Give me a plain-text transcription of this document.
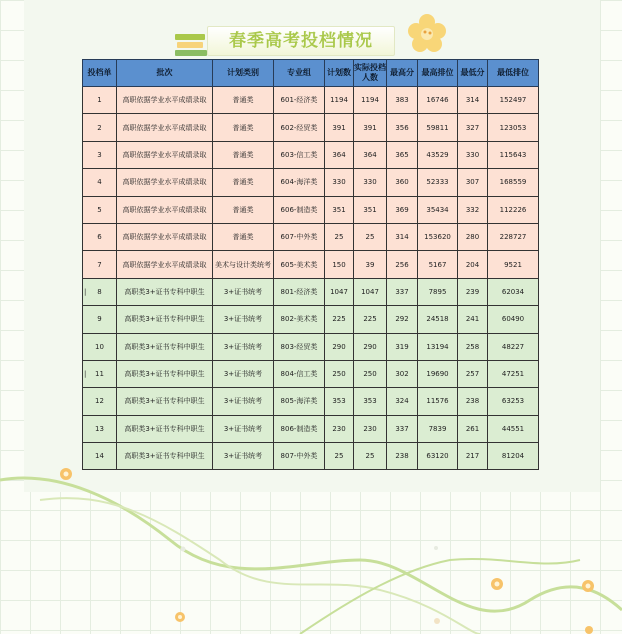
春季高考投档情况
投档单	批次	计划类别	专业组	计划数	实际投档人数	最高分	最高排位	最低分	最低排位
1	高职依据学业水平成绩录取	普通类	601-经济类	1194	1194	383	16746	314	152497
2	高职依据学业水平成绩录取	普通类	602-经贸类	391	391	356	59811	327	123053
3	高职依据学业水平成绩录取	普通类	603-信工类	364	364	365	43529	330	115643
4	高职依据学业水平成绩录取	普通类	604-海洋类	330	330	360	52333	307	168559
5	高职依据学业水平成绩录取	普通类	606-制造类	351	351	369	35434	332	112226
6	高职依据学业水平成绩录取	普通类	607-中外类	25	25	314	153620	280	228727
7	高职依据学业水平成绩录取	美术与设计类统考	605-美术类	150	39	256	5167	204	9521
8	高职类3+证书专科中职生	3+证书统考	801-经济类	1047	1047	337	7895	239	62034
9	高职类3+证书专科中职生	3+证书统考	802-美术类	225	225	292	24518	241	60490
10	高职类3+证书专科中职生	3+证书统考	803-经贸类	290	290	319	13194	258	48227
11	高职类3+证书专科中职生	3+证书统考	804-信工类	250	250	302	19690	257	47251
12	高职类3+证书专科中职生	3+证书统考	805-海洋类	353	353	324	11576	238	63253
13	高职类3+证书专科中职生	3+证书统考	806-制造类	230	230	337	7839	261	44551
14	高职类3+证书专科中职生	3+证书统考	807-中外类	25	25	238	63120	217	81204
|
|
